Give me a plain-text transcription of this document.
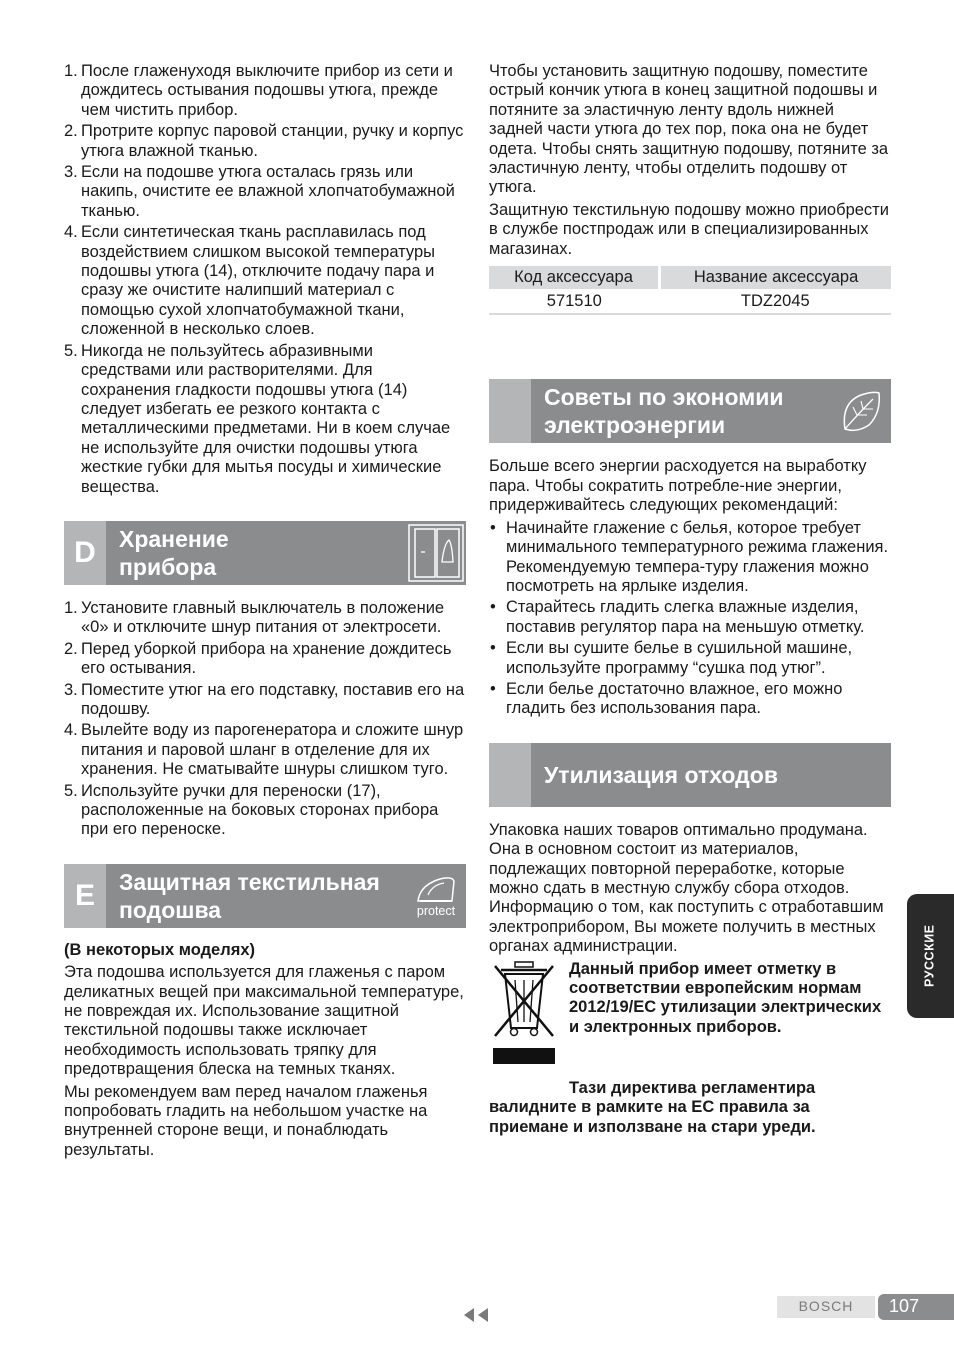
1. После глаженуходя выключите прибор из сети и дождитесь остывания подошвы утюга, прежде чем чистить прибор.
2. Протрите корпус паровой станции, ручку и корпус утюга влажной тканью.
3. Если на подошве утюга осталась грязь или накипь, очистите ее влажной хлопчатобумажной тканью.
4. Если синтетическая ткань расплавилась под воздействием слишком высокой температуры подошвы утюга (14), отключите подачу пара и сразу же очистите налипший материал с помощью сухой хлопчатобумажной ткани, сложенной в несколько слоев.
5. Никогда не пользуйтесь абразивными средствами или растворителями. Для сохранения гладкости подошвы утюга (14) следует избегать ее резкого контакта с металлическими предметами. Ни в коем случае не используйте для очистки подошвы утюга жесткие губки для мытья посуды и химические вещества.
D	Хранение
прибора
1. Установите главный выключатель в положение «0» и отключите шнур питания от электросети.
2. Перед уборкой прибора на хранение дождитесь его остывания.
3. Поместите утюг на его подставку, поставив его на подошву.
4. Вылейте воду из парогенератора и сложите шнур питания и паровой шланг в отделение для их хранения. Не сматывайте шнуры слишком туго.
5. Используйте ручки для переноски (17), расположенные на боковых сторонах прибора при его переноске.
E	Защитная текстильная
подошва	protect

(В некоторых моделях)

Эта подошва используется для глаженья с паром деликатных вещей при максимальной температуре, не повреждая их. Использование защитной текстильной подошвы также исключает необходимость использовать тряпку для предотвращения блеска на темных тканях.

Мы рекомендуем вам перед началом глаженья попробовать гладить на небольшом участке на внутренней стороне вещи, и понаблюдать результаты.

Чтобы установить защитную подошву, поместите острый кончик утюга в конец защитной подошвы и потяните за эластичную ленту вдоль нижней задней части утюга до тех пор, пока она не будет одета. Чтобы снять защитную подошву, потяните за эластичную ленту, чтобы отделить подошву от утюга.

Защитную текстильную подошву можно приобрести в службе постпродаж или в специализированных магазинах.

Код аксессуара	Название аксессуара
571510	TDZ2045
Советы по экономии
электроэнергии

Больше всего энергии расходуется на выработку пара. Чтобы сократить потребле-ние энергии, придерживайтесь следующих рекомендаций:

• Начинайте глажение с белья, которое требует минимального температурного режима глажения. Рекомендуемую темпера-туру глажения можно посмотреть на ярлыке изделия.
• Старайтесь гладить слегка влажные изделия, поставив регулятор пара на меньшую отметку.
• Если вы сушите белье в сушильной машине, используйте программу “сушка под утюг”.
• Если белье достаточно влажное, его можно гладить без использования пара.
Утилизация отходов

Упаковка наших товаров оптимально продумана. Она в основном состоит из материалов, подлежащих повторной переработке, которые можно сдать в местную службу сбора отходов. Информацию о том, как поступить с отработавшим электроприбором, Вы можете получить в местных органах администрации.

Данный прибор имеет отметку в соответствии европейским нормам 2012/19/EC утилизации электрических и электронных приборов.

Тази директива регламентира валидните в рамките на ЕС правила за приемане и използване на стари уреди.

РУССКИЕ
BOSCH	107
